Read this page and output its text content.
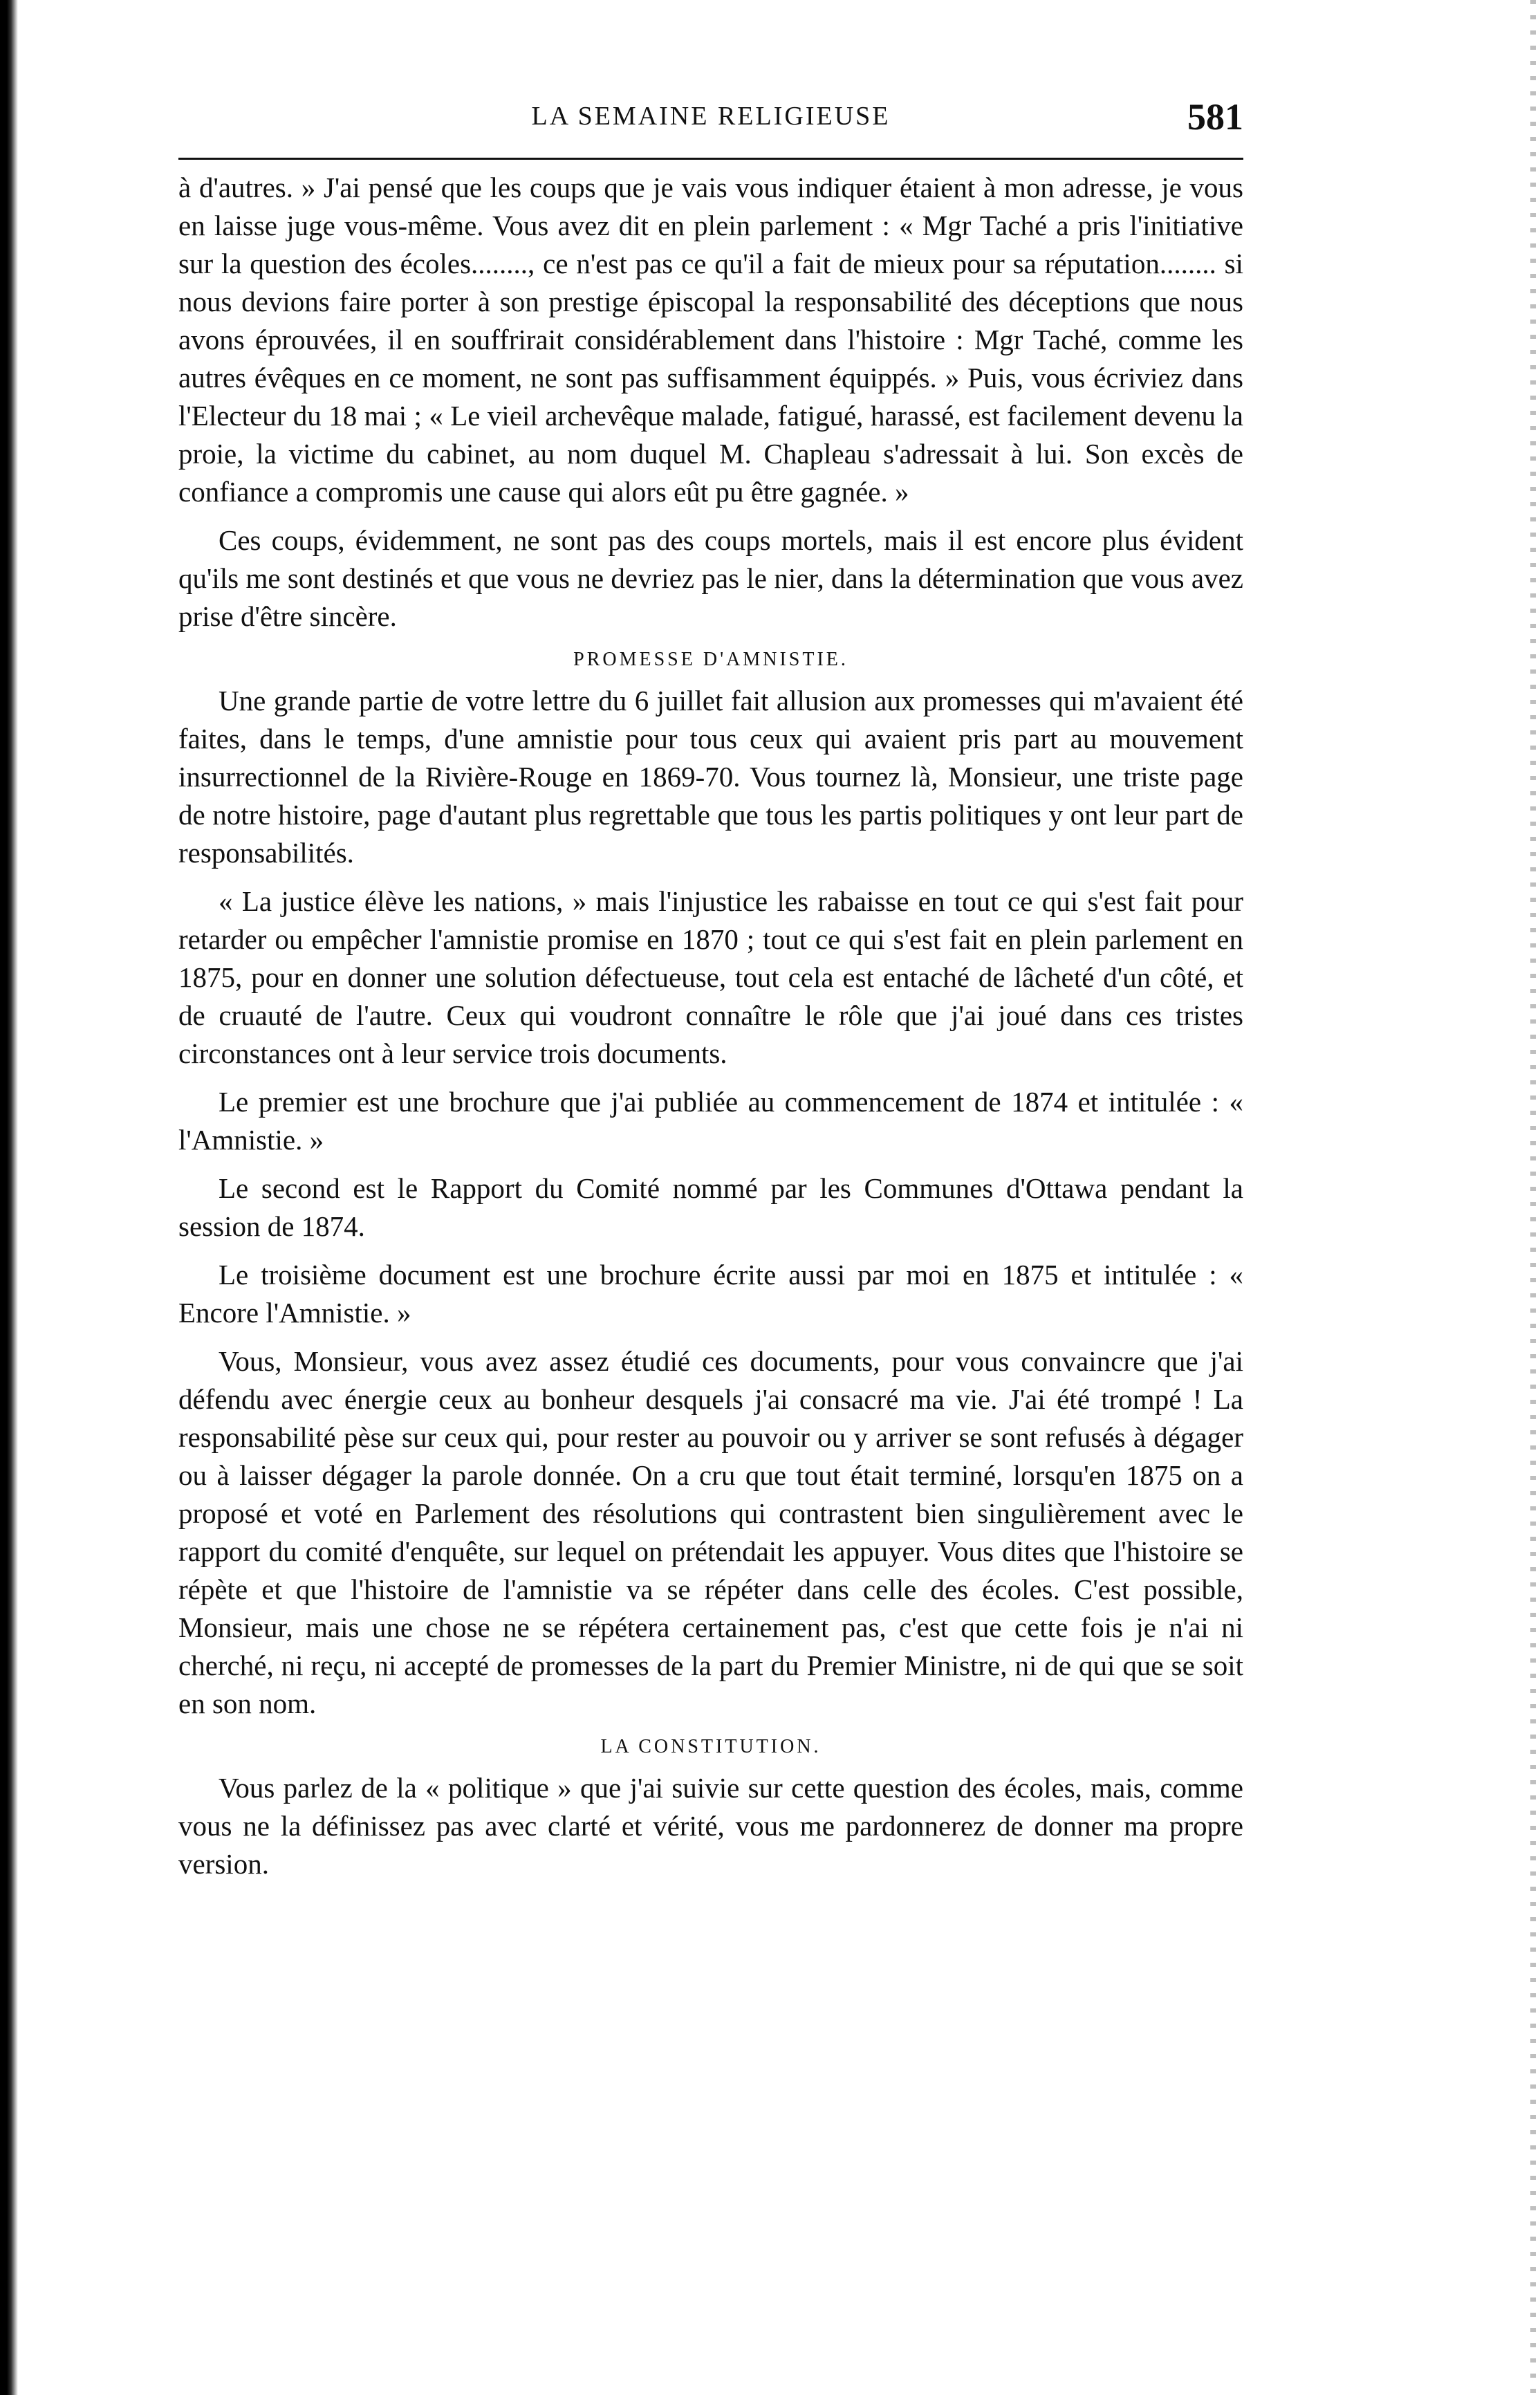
LA SEMAINE RELIGIEUSE	581

à d'autres. » J'ai pensé que les coups que je vais vous indiquer étaient à mon adresse, je vous en laisse juge vous-même. Vous avez dit en plein parlement : « Mgr Taché a pris l'initiative sur la question des écoles........, ce n'est pas ce qu'il a fait de mieux pour sa réputation........ si nous devions faire porter à son prestige épiscopal la responsabilité des déceptions que nous avons éprouvées, il en souffrirait considérablement dans l'histoire : Mgr Taché, comme les autres évêques en ce moment, ne sont pas suffisamment équippés. » Puis, vous écriviez dans l'Electeur du 18 mai ; « Le vieil archevêque malade, fatigué, harassé, est facilement devenu la proie, la victime du cabinet, au nom duquel M. Chapleau s'adressait à lui. Son excès de confiance a compromis une cause qui alors eût pu être gagnée. »

Ces coups, évidemment, ne sont pas des coups mortels, mais il est encore plus évident qu'ils me sont destinés et que vous ne devriez pas le nier, dans la détermination que vous avez prise d'être sincère.

PROMESSE D'AMNISTIE.

Une grande partie de votre lettre du 6 juillet fait allusion aux promesses qui m'avaient été faites, dans le temps, d'une amnistie pour tous ceux qui avaient pris part au mouvement insurrectionnel de la Rivière-Rouge en 1869-70. Vous tournez là, Monsieur, une triste page de notre histoire, page d'autant plus regrettable que tous les partis politiques y ont leur part de responsabilités.

« La justice élève les nations, » mais l'injustice les rabaisse en tout ce qui s'est fait pour retarder ou empêcher l'amnistie promise en 1870 ; tout ce qui s'est fait en plein parlement en 1875, pour en donner une solution défectueuse, tout cela est entaché de lâcheté d'un côté, et de cruauté de l'autre. Ceux qui voudront connaître le rôle que j'ai joué dans ces tristes circonstances ont à leur service trois documents.

Le premier est une brochure que j'ai publiée au commencement de 1874 et intitulée : « l'Amnistie. »

Le second est le Rapport du Comité nommé par les Communes d'Ottawa pendant la session de 1874.

Le troisième document est une brochure écrite aussi par moi en 1875 et intitulée : « Encore l'Amnistie. »

Vous, Monsieur, vous avez assez étudié ces documents, pour vous convaincre que j'ai défendu avec énergie ceux au bonheur desquels j'ai consacré ma vie. J'ai été trompé ! La responsabilité pèse sur ceux qui, pour rester au pouvoir ou y arriver se sont refusés à dégager ou à laisser dégager la parole donnée. On a cru que tout était terminé, lorsqu'en 1875 on a proposé et voté en Parlement des résolutions qui contrastent bien singulièrement avec le rapport du comité d'enquête, sur lequel on prétendait les appuyer. Vous dites que l'histoire se répète et que l'histoire de l'amnistie va se répéter dans celle des écoles. C'est possible, Monsieur, mais une chose ne se répétera certainement pas, c'est que cette fois je n'ai ni cherché, ni reçu, ni accepté de promesses de la part du Premier Ministre, ni de qui que se soit en son nom.

LA CONSTITUTION.

Vous parlez de la « politique » que j'ai suivie sur cette question des écoles, mais, comme vous ne la définissez pas avec clarté et vérité, vous me pardonnerez de donner ma propre version.
